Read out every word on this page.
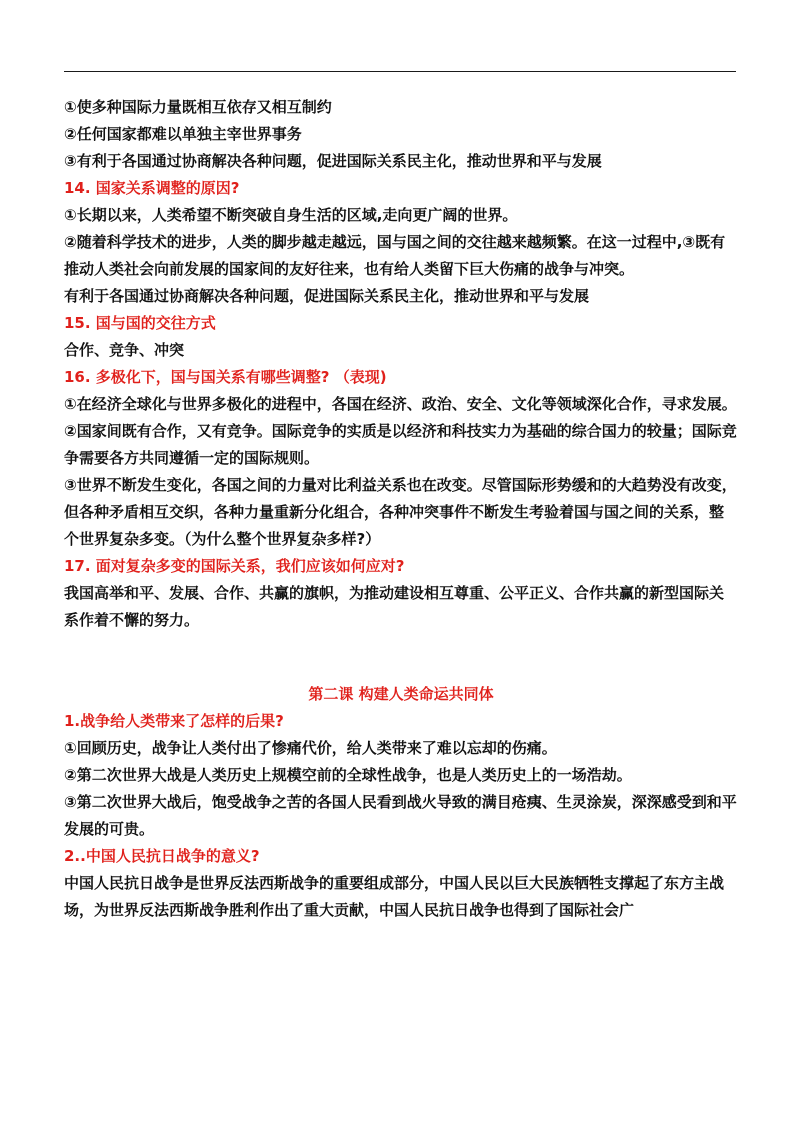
①使多种国际力量既相互依存又相互制约

②任何国家都难以单独主宰世界事务

③有利于各国通过协商解决各种问题，促进国际关系民主化，推动世界和平与发展

14. 国家关系调整的原因?

①长期以来，人类希望不断突破自身生活的区域,走向更广阔的世界。

②随着科学技术的进步，人类的脚步越走越远，国与国之间的交往越来越频繁。在这一过程中,③既有推动人类社会向前发展的国家间的友好往来，也有给人类留下巨大伤痛的战争与冲突。

有利于各国通过协商解决各种问题，促进国际关系民主化，推动世界和平与发展

15. 国与国的交往方式

合作、竞争、冲突

16. 多极化下，国与国关系有哪些调整? （表现)

①在经济全球化与世界多极化的进程中，各国在经济、政治、安全、文化等领域深化合作，寻求发展。

②国家间既有合作，又有竞争。国际竞争的实质是以经济和科技实力为基础的综合国力的较量；国际竞争需要各方共同遵循一定的国际规则。

③世界不断发生变化，各国之间的力量对比利益关系也在改变。尽管国际形势缓和的大趋势没有改变，但各种矛盾相互交织，各种力量重新分化组合，各种冲突事件不断发生考验着国与国之间的关系，整个世界复杂多变。（为什么整个世界复杂多样?）

17. 面对复杂多变的国际关系，我们应该如何应对?

我国高举和平、发展、合作、共赢的旗帜，为推动建设相互尊重、公平正义、合作共赢的新型国际关系作着不懈的努力。

第二课 构建人类命运共同体

1.战争给人类带来了怎样的后果?

①回顾历史，战争让人类付出了惨痛代价，给人类带来了难以忘却的伤痛。

②第二次世界大战是人类历史上规模空前的全球性战争，也是人类历史上的一场浩劫。

③第二次世界大战后，饱受战争之苦的各国人民看到战火导致的满目疮痍、生灵涂炭，深深感受到和平发展的可贵。

2..中国人民抗日战争的意义?

中国人民抗日战争是世界反法西斯战争的重要组成部分，中国人民以巨大民族牺牲支撑起了东方主战场，为世界反法西斯战争胜利作出了重大贡献，中国人民抗日战争也得到了国际社会广
